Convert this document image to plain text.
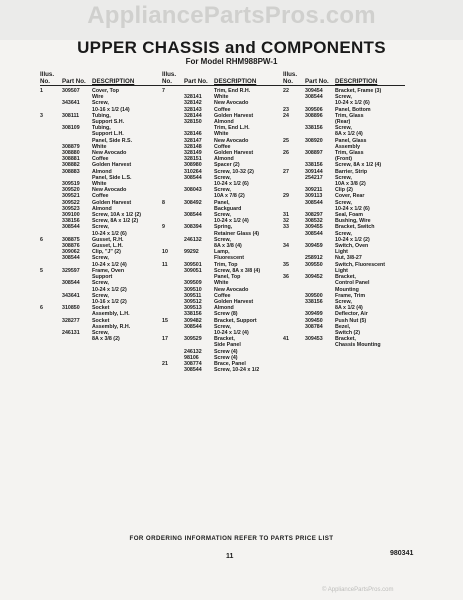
AppliancePartsPros.com
UPPER CHASSIS and COMPONENTS
For Model RHM988PW-1
Illus. No.	Part No.	DESCRIPTION
1	309507	Cover, Top
Wire
343641	Screw,
10-16 x 1/2 (14)
3	308111	Tubing,
Support S.H.
308109	Tubing,
Support L.H.
Panel, Side R.S.
308879	White
308880	New Avocado
308881	Coffee
308882	Golden Harvest
308883	Almond
Panel, Side L.S.
309519	White
309520	New Avocado
309521	Coffee
309522	Golden Harvest
309523	Almond
309100	Screw, 10A x 1/2 (2)
338156	Screw, 8A x 1/2 (2)
308544	Screw,
10-24 x 1/2 (6)
6	308875	Gusset, R.H.
308876	Gusset, L.H.
309062	Clip, "J" (2)
308544	Screw,
10-24 x 1/2 (4)
5	329597	Frame, Oven
Support
308544	Screw,
10-24 x 1/2 (2)
343641	Screw,
10-16 x 1/2 (2)
6	310850	Socket
Assembly, L.H.
328277	Socket
Assembly, R.H.
246131	Screw,
8A x 3/8 (2)
Illus. No.	Part No.	DESCRIPTION
7	Trim, End R.H.
328141	White
328142	New Avocado
328143	Coffee
328144	Golden Harvest
328150	Almond
Trim, End L.H.
328146	White
328147	New Avocado
328148	Coffee
328149	Golden Harvest
328151	Almond
308980	Spacer (2)
310264	Screw, 10-32 (2)
308544	Screw,
10-24 x 1/2 (6)
308043	Screw,
10A x 7/8 (2)
8	308492	Panel,
Backguard
308544	Screw,
10-24 x 1/2 (4)
9	308394	Spring,
Retainer Glass (4)
246132	Screw,
8A x 3/8 (4)
10	99292	Lamp,
Fluorescent
11	309501	Trim, Top
309051	Screw, 8A x 3/8 (4)
Panel, Top
309509	White
309510	New Avocado
309511	Coffee
309512	Golden Harvest
309513	Almond
338156	Screw (8)
15	309482	Bracket, Support
308544	Screw,
10-24 x 1/2 (4)
17	309529	Bracket,
Side Panel
246132	Screw (4)
98106	Screw (4)
21	308774	Brace, Panel
308544	Screw, 10-24 x 1/2
Illus. No.	Part No.	DESCRIPTION
22	309454	Bracket, Frame (3)
308544	Screw,
10-24 x 1/2 (6)
23	309506	Panel, Bottom
24	308896	Trim, Glass
(Rear)
338156	Screw,
8A x 1/2 (4)
25	308920	Panel, Glass
Assembly
26	308897	Trim, Glass
(Front)
338156	Screw, 8A x 1/2 (4)
27	309144	Barrier, Strip
254217	Screw,
10A x 3/8 (2)
309211	Clip (2)
29	309113	Cover, Rear
308544	Screw,
10-24 x 1/2 (6)
31	308297	Seal, Foam
32	308532	Bushing, Wire
33	309455	Bracket, Switch
308544	Screw,
10-24 x 1/2 (2)
34	309459	Switch, Oven
Light
258912	Nut, 3/8-27
35	309550	Switch, Fluorescent
Light
36	309452	Bracket,
Control Panel
Mounting
309500	Frame, Trim
338156	Screw,
8A x 1/2 (4)
309499	Deflector, Air
309450	Push Nut (5)
308784	Bezel,
Switch (2)
41	309453	Bracket,
Chassis Mounting
FOR ORDERING INFORMATION REFER TO PARTS PRICE LIST
11	980341
© AppliancePartsPros.com
